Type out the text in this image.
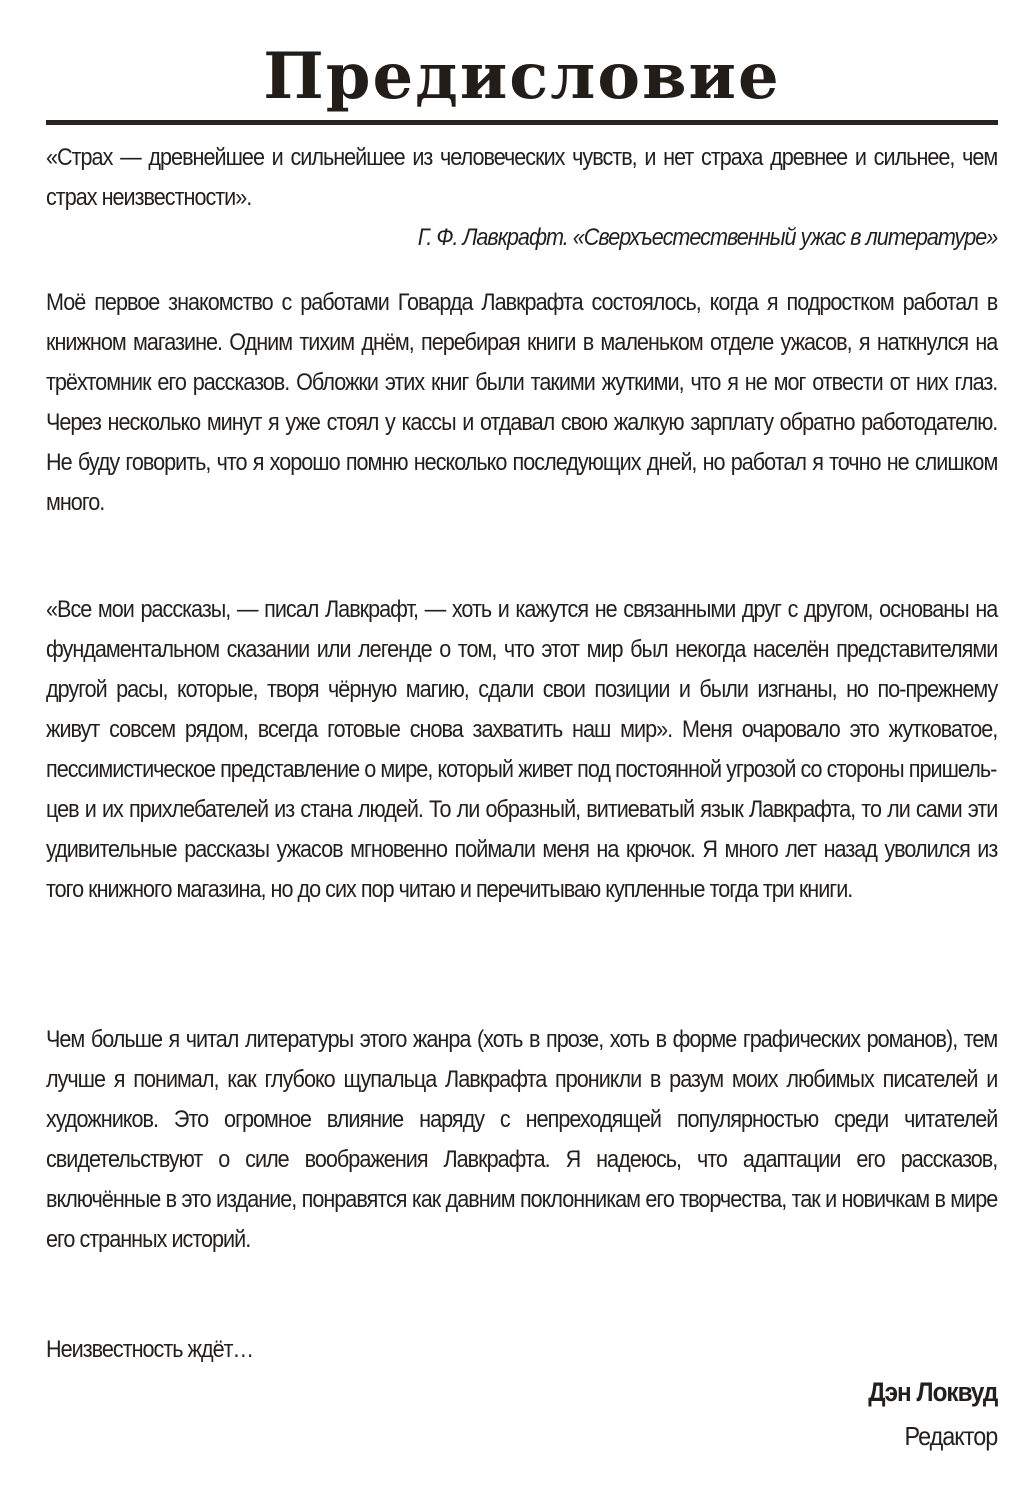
Предисловие

«Страх — древнейшее и сильнейшее из человеческих чувств, и нет страха древнее и сильнее, чем страх неизвестности».

Г. Ф. Лавкрафт. «Сверхъестественный ужас в литературе»

Моё первое знакомство с работами Говарда Лавкрафта состоялось, когда я подростком работал в книжном магазине. Одним тихим днём, перебирая книги в маленьком отделе ужасов, я наткнулся на трёхтомник его рассказов. Обложки этих книг были такими жуткими, что я не мог отвести от них глаз. Через несколько минут я уже стоял у кассы и отдавал свою жалкую зарплату обратно работодателю. Не буду говорить, что я хорошо помню несколько последующих дней, но работал я точно не слишком много.

«Все мои рассказы, — писал Лавкрафт, — хоть и кажутся не связанными друг с другом, основаны на фундаментальном сказании или легенде о том, что этот мир был некогда населён представителями другой расы, которые, творя чёрную магию, сдали свои позиции и были изгнаны, но по-прежнему живут совсем рядом, всегда готовые снова захватить наш мир». Меня очаровало это жутковатое, пессимистическое представление о мире, который живет под постоянной угрозой со стороны пришельцев и их прихлебателей из стана людей. То ли образный, витиеватый язык Лавкрафта, то ли сами эти удивительные рассказы ужасов мгновенно поймали меня на крючок. Я много лет назад уволился из того книжного магазина, но до сих пор читаю и перечитываю купленные тогда три книги.

Чем больше я читал литературы этого жанра (хоть в прозе, хоть в форме графических романов), тем лучше я понимал, как глубоко щупальца Лавкрафта проникли в разум моих любимых писателей и художников. Это огромное влияние наряду с непреходящей популярностью среди читателей свидетельствуют о силе воображения Лавкрафта. Я надеюсь, что адаптации его рассказов, включённые в это издание, понравятся как давним поклонникам его творчества, так и новичкам в мире его странных историй.

Неизвестность ждёт…

Дэн Локвуд

Редактор
